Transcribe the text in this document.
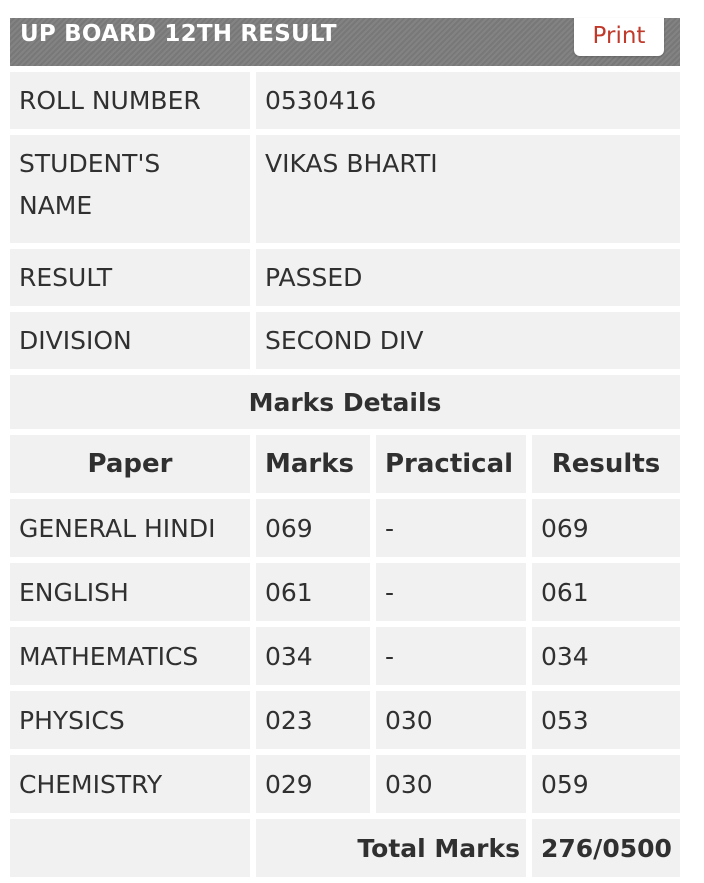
UP BOARD 12TH RESULT	Print
ROLL NUMBER	0530416		
STUDENT'S NAME	VIKAS BHARTI		
RESULT	PASSED		
DIVISION	SECOND DIV		
Marks Details			
Paper	Marks	Practical	Results
GENERAL HINDI	069	-	069
ENGLISH	061	-	061
MATHEMATICS	034	-	034
PHYSICS	023	030	053
CHEMISTRY	029	030	059
	Total Marks		276/0500
